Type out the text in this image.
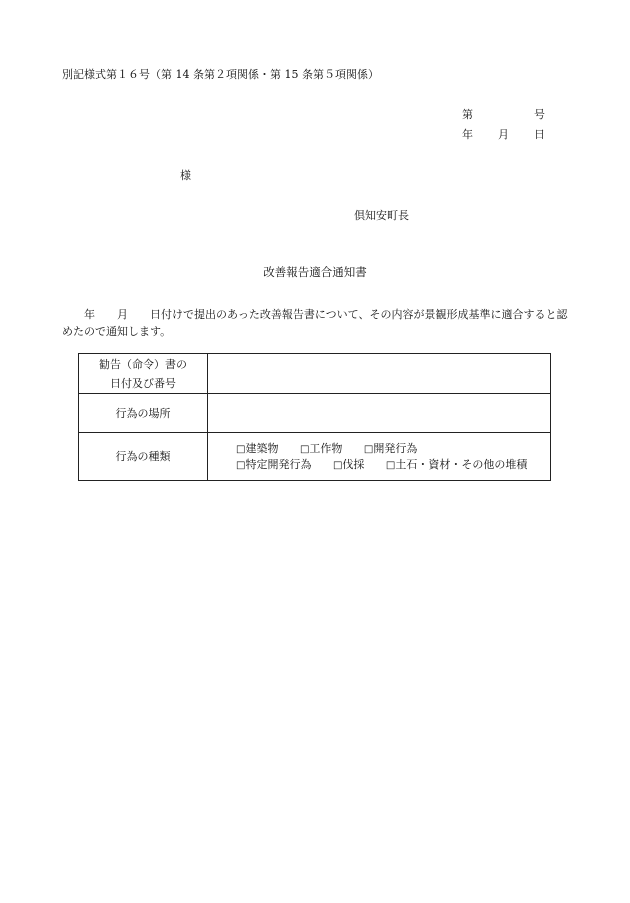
別記様式第１６号（第 14 条第２項関係・第 15 条第５項関係）
第	号
年 月 日
様
倶知安町長
改善報告適合通知書
年 月 日付けで提出のあった改善報告書について、その内容が景観形成基準に適合すると認めたので通知します。
勧告（命令）書の
日付及び番号	

行為の場所	
行為の種類	□建築物 □工作物 □開発行為
□特定開発行為 □伐採 □土石・資材・その他の堆積
